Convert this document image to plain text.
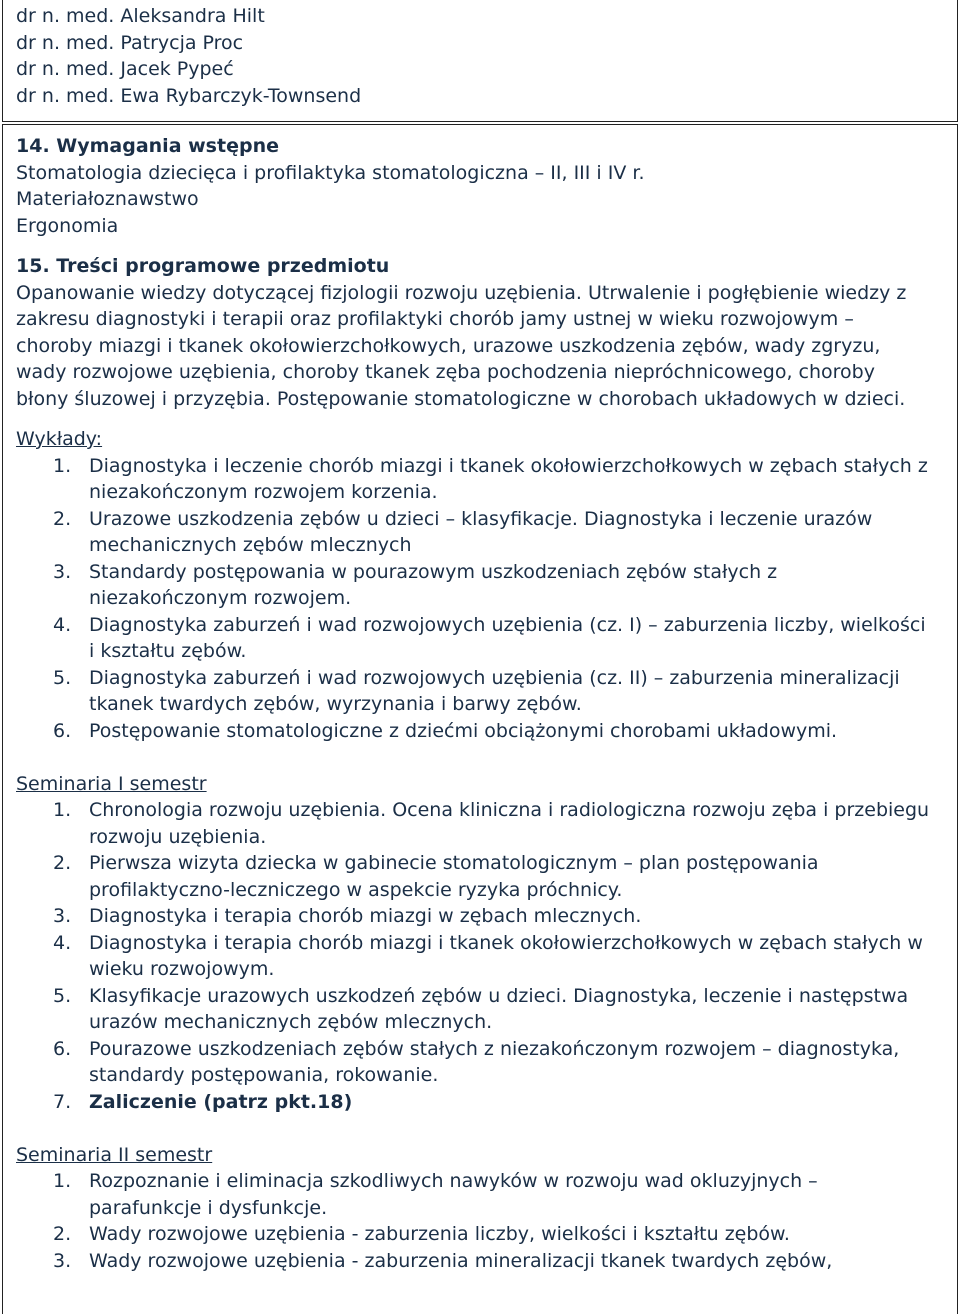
dr n. med. Aleksandra Hilt
dr n. med. Patrycja Proc
dr n. med. Jacek Pypeć
dr n. med. Ewa Rybarczyk-Townsend
14. Wymagania wstępne
Stomatologia dziecięca i profilaktyka stomatologiczna – II, III i IV r.
Materiałoznawstwo
Ergonomia
15. Treści programowe przedmiotu
Opanowanie wiedzy dotyczącej fizjologii rozwoju uzębienia. Utrwalenie i pogłębienie wiedzy z
zakresu diagnostyki i terapii oraz profilaktyki chorób jamy ustnej w wieku rozwojowym –
choroby miazgi i tkanek okołowierzchołkowych, urazowe uszkodzenia zębów, wady zgryzu,
wady rozwojowe uzębienia, choroby tkanek zęba pochodzenia niepróchnicowego, choroby
błony śluzowej i przyzębia. Postępowanie stomatologiczne w chorobach układowych w dzieci.
Wykłady:
1. Diagnostyka i leczenie chorób miazgi i tkanek okołowierzchołkowych w zębach stałych z
niezakończonym rozwojem korzenia.
2. Urazowe uszkodzenia zębów u dzieci – klasyfikacje. Diagnostyka i leczenie urazów
mechanicznych zębów mlecznych
3. Standardy postępowania w pourazowym uszkodzeniach zębów stałych z
niezakończonym rozwojem.
4. Diagnostyka zaburzeń i wad rozwojowych uzębienia (cz. I) – zaburzenia liczby, wielkości
i kształtu zębów.
5. Diagnostyka zaburzeń i wad rozwojowych uzębienia (cz. II) – zaburzenia mineralizacji
tkanek twardych zębów, wyrzynania i barwy zębów.
6. Postępowanie stomatologiczne z dziećmi obciążonymi chorobami układowymi.
Seminaria I semestr
1. Chronologia rozwoju uzębienia. Ocena kliniczna i radiologiczna rozwoju zęba i przebiegu
rozwoju uzębienia.
2. Pierwsza wizyta dziecka w gabinecie stomatologicznym – plan postępowania
profilaktyczno-leczniczego w aspekcie ryzyka próchnicy.
3. Diagnostyka i terapia chorób miazgi w zębach mlecznych.
4. Diagnostyka i terapia chorób miazgi i tkanek okołowierzchołkowych w zębach stałych w
wieku rozwojowym.
5. Klasyfikacje urazowych uszkodzeń zębów u dzieci. Diagnostyka, leczenie i następstwa
urazów mechanicznych zębów mlecznych.
6. Pourazowe uszkodzeniach zębów stałych z niezakończonym rozwojem – diagnostyka,
standardy postępowania, rokowanie.
7. Zaliczenie (patrz pkt.18)
Seminaria II semestr
1. Rozpoznanie i eliminacja szkodliwych nawyków w rozwoju wad okluzyjnych –
parafunkcje i dysfunkcje.
2. Wady rozwojowe uzębienia - zaburzenia liczby, wielkości i kształtu zębów.
3. Wady rozwojowe uzębienia - zaburzenia mineralizacji tkanek twardych zębów,
